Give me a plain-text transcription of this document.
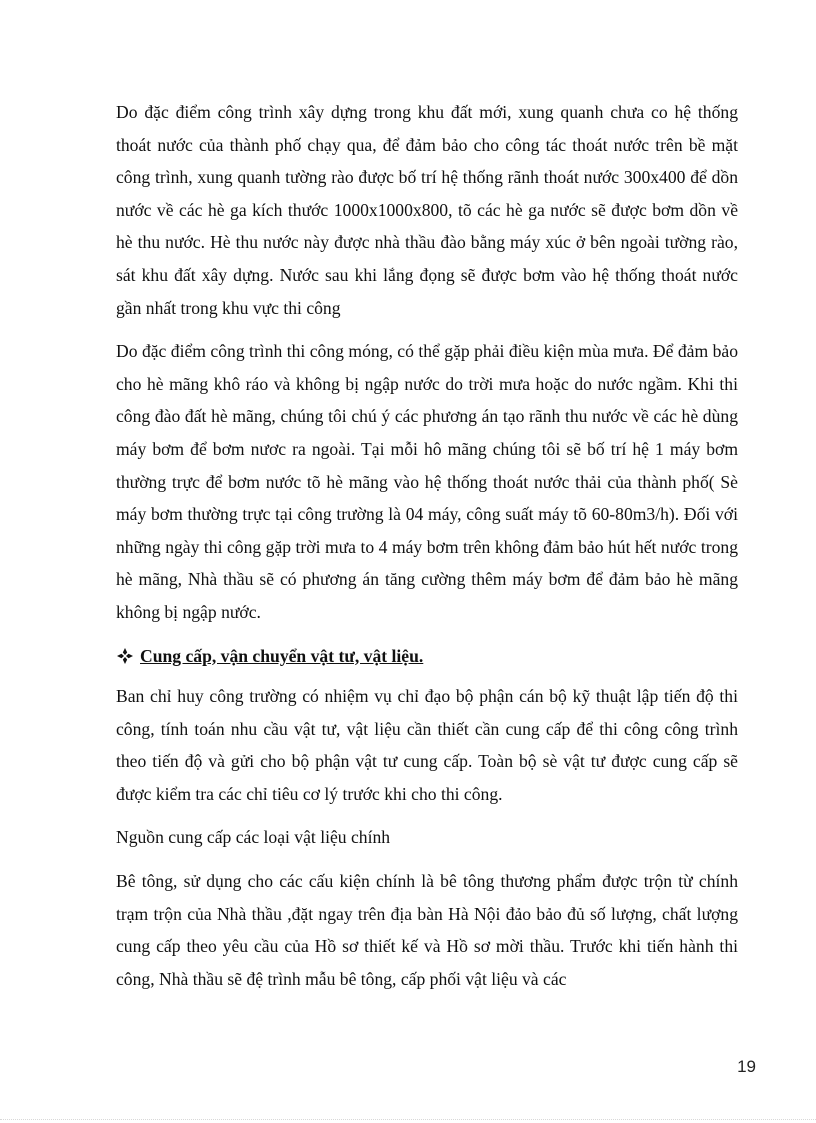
Do đặc điểm công trình xây dựng trong khu đất mới, xung quanh chưa co hệ thống thoát nước của thành phố chạy qua, để đảm bảo cho công tác thoát nước trên bề mặt công trình, xung quanh tường rào được bố trí hệ thống rãnh thoát nước 300x400 để dồn nước về các hè ga kích thước 1000x1000x800, tõ các hè ga nước sẽ được bơm dồn về hè thu nước. Hè thu nước này được nhà thầu đào bằng máy xúc ở bên ngoài tường rào, sát khu đất xây dựng. Nước sau khi lắng đọng sẽ được bơm vào hệ thống thoát nước gần nhất trong khu vực thi công

Do đặc điểm công trình thi công móng, có thể gặp phải điều kiện mùa mưa. Để đảm bảo cho hè mãng khô ráo và không bị ngập nước do trời mưa hoặc do nước ngầm. Khi thi công đào đất hè mãng, chúng tôi chú ý các phương án tạo rãnh thu nước về các hè dùng máy bơm để bơm nươc ra ngoài. Tại mỗi hô mãng chúng tôi sẽ bố trí hệ 1 máy bơm thường trực để bơm nước tõ hè mãng vào hệ thống thoát nước thải của thành phố( Sè máy bơm thường trực tại công trường là 04 máy, công suất máy tõ 60-80m3/h). Đối với những ngày thi công gặp trời mưa to 4 máy bơm trên không đảm bảo hút hết nước trong hè mãng, Nhà thầu sẽ có phương án tăng cường thêm máy bơm để đảm bảo hè mãng không bị ngập nước.

Cung cấp, vận chuyển vật tư, vật liệu.

Ban chỉ huy công trường có nhiệm vụ chỉ đạo bộ phận cán bộ kỹ thuật lập tiến độ thi công, tính toán nhu cầu vật tư, vật liệu cần thiết cần cung cấp để thi công công trình theo tiến độ và gửi cho bộ phận vật tư cung cấp. Toàn bộ sè vật tư được cung cấp sẽ được kiểm tra các chỉ tiêu cơ lý trước khi cho thi công.

Nguồn cung cấp các loại vật liệu chính

Bê tông, sử dụng cho các cấu kiện chính là bê tông thương phẩm được trộn từ chính trạm trộn của Nhà thầu ,đặt ngay trên địa bàn Hà Nội đảo bảo đủ số lượng, chất lượng cung cấp theo yêu cầu của Hồ sơ thiết kế và Hồ sơ mời thầu. Trước khi tiến hành thi công, Nhà thầu sẽ đệ trình mẫu bê tông, cấp phối vật liệu và các

19
